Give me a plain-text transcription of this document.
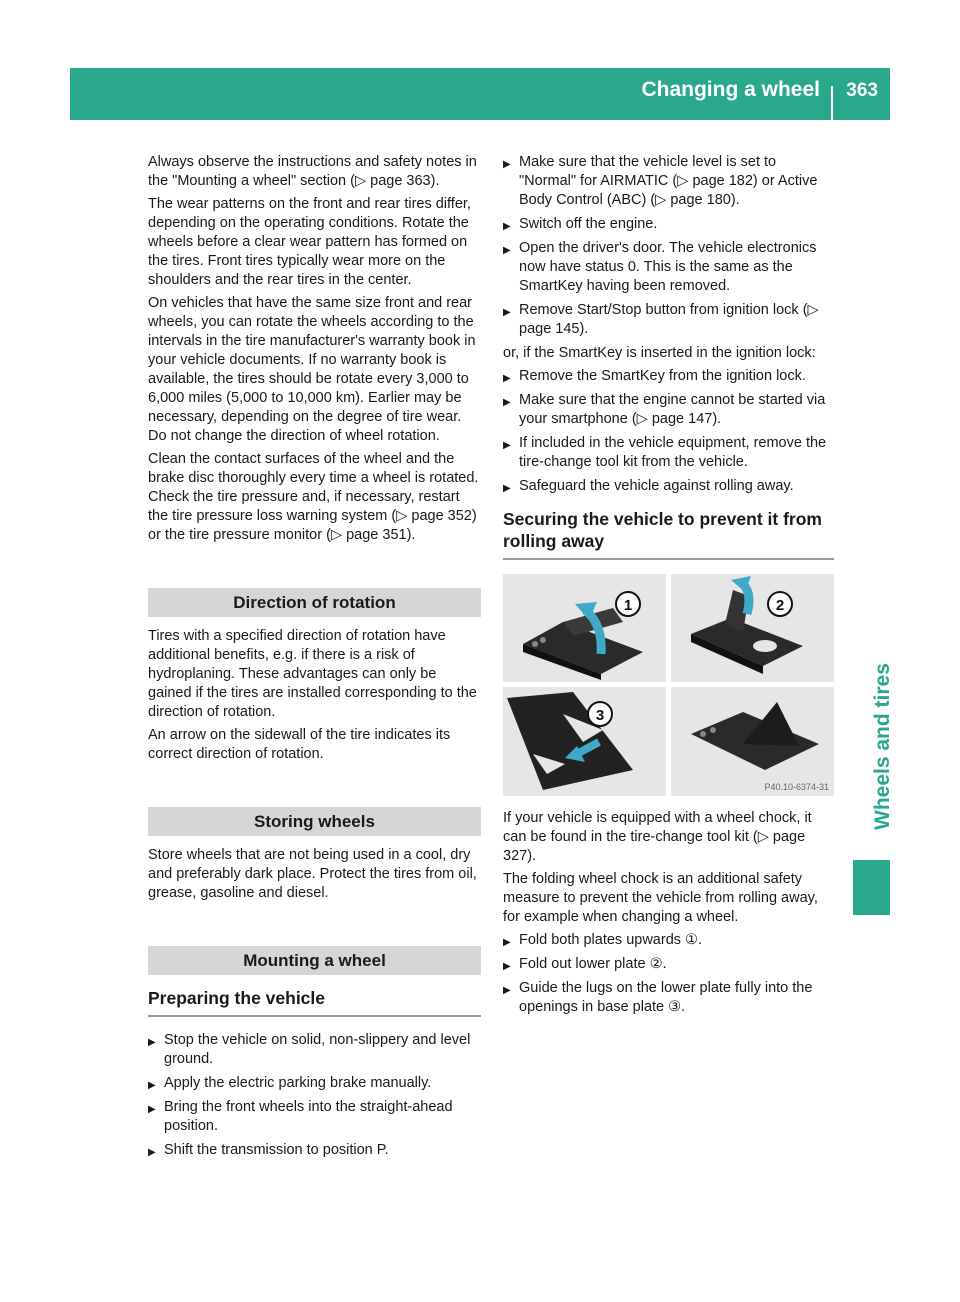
Changing a wheel 363
Wheels and tires

Always observe the instructions and safety notes in the "Mounting a wheel" section (▷ page 363).

The wear patterns on the front and rear tires differ, depending on the operating conditions. Rotate the wheels before a clear wear pattern has formed on the tires. Front tires typically wear more on the shoulders and the rear tires in the center.

On vehicles that have the same size front and rear wheels, you can rotate the wheels according to the intervals in the tire manufacturer's warranty book in your vehicle documents. If no warranty book is available, the tires should be rotate every 3,000 to 6,000 miles (5,000 to 10,000 km). Earlier may be necessary, depending on the degree of tire wear. Do not change the direction of wheel rotation.

Clean the contact surfaces of the wheel and the brake disc thoroughly every time a wheel is rotated. Check the tire pressure and, if necessary, restart the tire pressure loss warning system (▷ page 352) or the tire pressure monitor (▷ page 351).

Direction of rotation

Tires with a specified direction of rotation have additional benefits, e.g. if there is a risk of hydroplaning. These advantages can only be gained if the tires are installed corresponding to the direction of rotation.

An arrow on the sidewall of the tire indicates its correct direction of rotation.

Storing wheels

Store wheels that are not being used in a cool, dry and preferably dark place. Protect the tires from oil, grease, gasoline and diesel.

Mounting a wheel
Preparing the vehicle
▶ Stop the vehicle on solid, non-slippery and level ground.
▶ Apply the electric parking brake manually.
▶ Bring the front wheels into the straight-ahead position.
▶ Shift the transmission to position P.
▶ Make sure that the vehicle level is set to "Normal" for AIRMATIC (▷ page 182) or Active Body Control (ABC) (▷ page 180).
▶ Switch off the engine.
▶ Open the driver's door. The vehicle electronics now have status 0. This is the same as the SmartKey having been removed.
▶ Remove Start/Stop button from ignition lock (▷ page 145).

or, if the SmartKey is inserted in the ignition lock:

▶ Remove the SmartKey from the ignition lock.
▶ Make sure that the engine cannot be started via your smartphone (▷ page 147).
▶ If included in the vehicle equipment, remove the tire-change tool kit from the vehicle.
▶ Safeguard the vehicle against rolling away.
Securing the vehicle to prevent it from rolling away
1	2
3
P40.10-6374-31

If your vehicle is equipped with a wheel chock, it can be found in the tire-change tool kit (▷ page 327).

The folding wheel chock is an additional safety measure to prevent the vehicle from rolling away, for example when changing a wheel.

▶ Fold both plates upwards ①.
▶ Fold out lower plate ②.
▶ Guide the lugs on the lower plate fully into the openings in base plate ③.
